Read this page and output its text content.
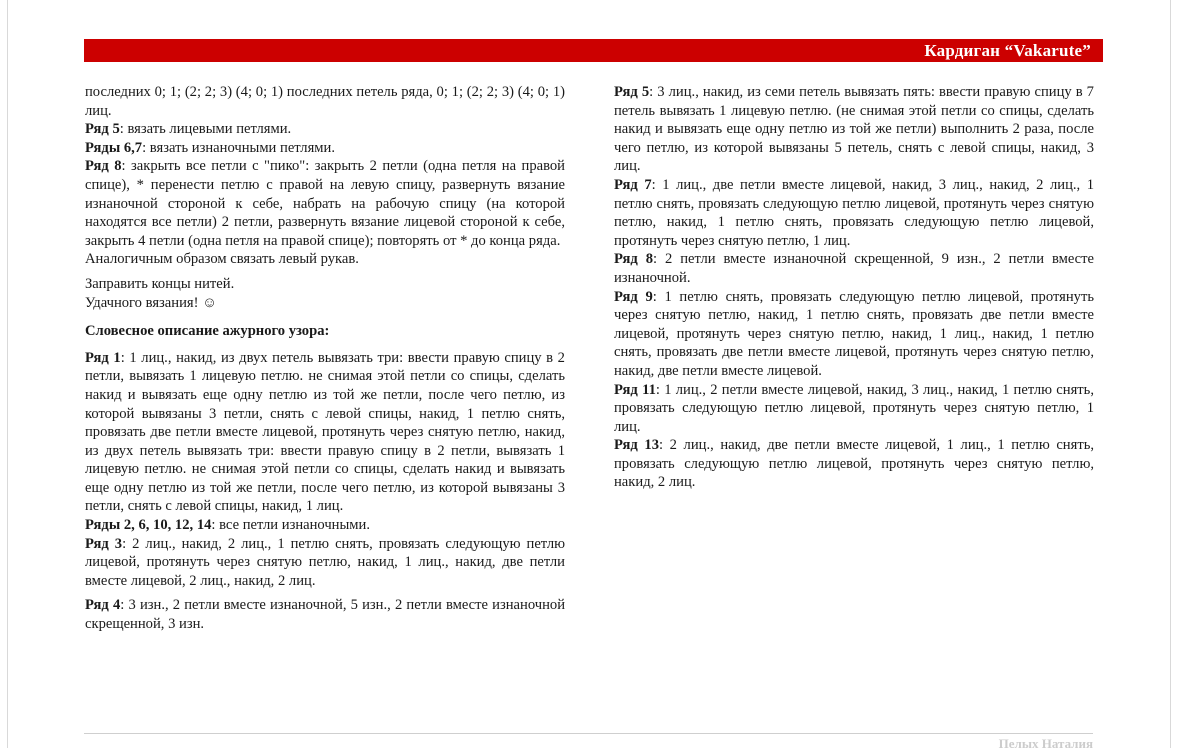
Кардиган “Vakarute”

последних 0; 1; (2; 2; 3) (4; 0; 1) последних петель ряда, 0; 1; (2; 2; 3) (4; 0; 1) лиц.

Ряд 5: вязать лицевыми петлями.

Ряды 6,7: вязать изнаночными петлями.

Ряд 8: закрыть все петли с "пико": закрыть 2 петли (одна петля на правой спице), * перенести петлю с правой на левую спицу, развернуть вязание изнаночной стороной к себе, набрать на рабочую спицу (на которой находятся все петли) 2 петли, развернуть вязание лицевой стороной к себе, закрыть 4 петли (одна петля на правой спице); повторять от * до конца ряда.

Аналогичным образом связать левый рукав.

Заправить концы нитей.

Удачного вязания! ☺

Словесное описание ажурного узора:

Ряд 1: 1 лиц., накид, из двух петель вывязать три: ввести правую спицу в 2 петли, вывязать 1 лицевую петлю. не снимая этой петли со спицы, сделать накид и вывязать еще одну петлю из той же петли, после чего петлю, из которой вывязаны 3 петли, снять с левой спицы, накид, 1 петлю снять, провязать две петли вместе лицевой, протянуть через снятую петлю, накид, из двух петель вывязать три: ввести правую спицу в 2 петли, вывязать 1 лицевую петлю. не снимая этой петли со спицы, сделать накид и вывязать еще одну петлю из той же петли, после чего петлю, из которой вывязаны 3 петли, снять с левой спицы, накид, 1 лиц.

Ряды 2, 6, 10, 12, 14: все петли изнаночными.

Ряд 3: 2 лиц., накид, 2 лиц., 1 петлю снять, провязать следующую петлю лицевой, протянуть через снятую петлю, накид, 1 лиц., накид, две петли вместе лицевой, 2 лиц., накид, 2 лиц.

Ряд 4: 3 изн., 2 петли вместе изнаночной, 5 изн., 2 петли вместе изнаночной скрещенной, 3 изн.

Ряд 5: 3 лиц., накид, из семи петель вывязать пять: ввести правую спицу в 7 петель вывязать 1 лицевую петлю. (не снимая этой петли со спицы, сделать накид и вывязать еще одну петлю из той же петли) выполнить 2 раза, после чего петлю, из которой вывязаны 5 петель, снять с левой спицы, накид, 3 лиц.

Ряд 7: 1 лиц., две петли вместе лицевой, накид, 3 лиц., накид, 2 лиц., 1 петлю снять, провязать следующую петлю лицевой, протянуть через снятую петлю, накид, 1 петлю снять, провязать следующую петлю лицевой, протянуть через снятую петлю, 1 лиц.

Ряд 8: 2 петли вместе изнаночной скрещенной, 9 изн., 2 петли вместе изнаночной.

Ряд 9: 1 петлю снять, провязать следующую петлю лицевой, протянуть через снятую петлю, накид, 1 петлю снять, провязать две петли вместе лицевой, протянуть через снятую петлю, накид, 1 лиц., накид, 1 петлю снять, провязать две петли вместе лицевой, протянуть через снятую петлю, накид, две петли вместе лицевой.

Ряд 11: 1 лиц., 2 петли вместе лицевой, накид, 3 лиц., накид, 1 петлю снять, провязать следующую петлю лицевой, протянуть через снятую петлю, 1 лиц.

Ряд 13: 2 лиц., накид, две петли вместе лицевой, 1 лиц., 1 петлю снять, провязать следующую петлю лицевой, протянуть через снятую петлю, накид, 2 лиц.

Пелых Наталия
